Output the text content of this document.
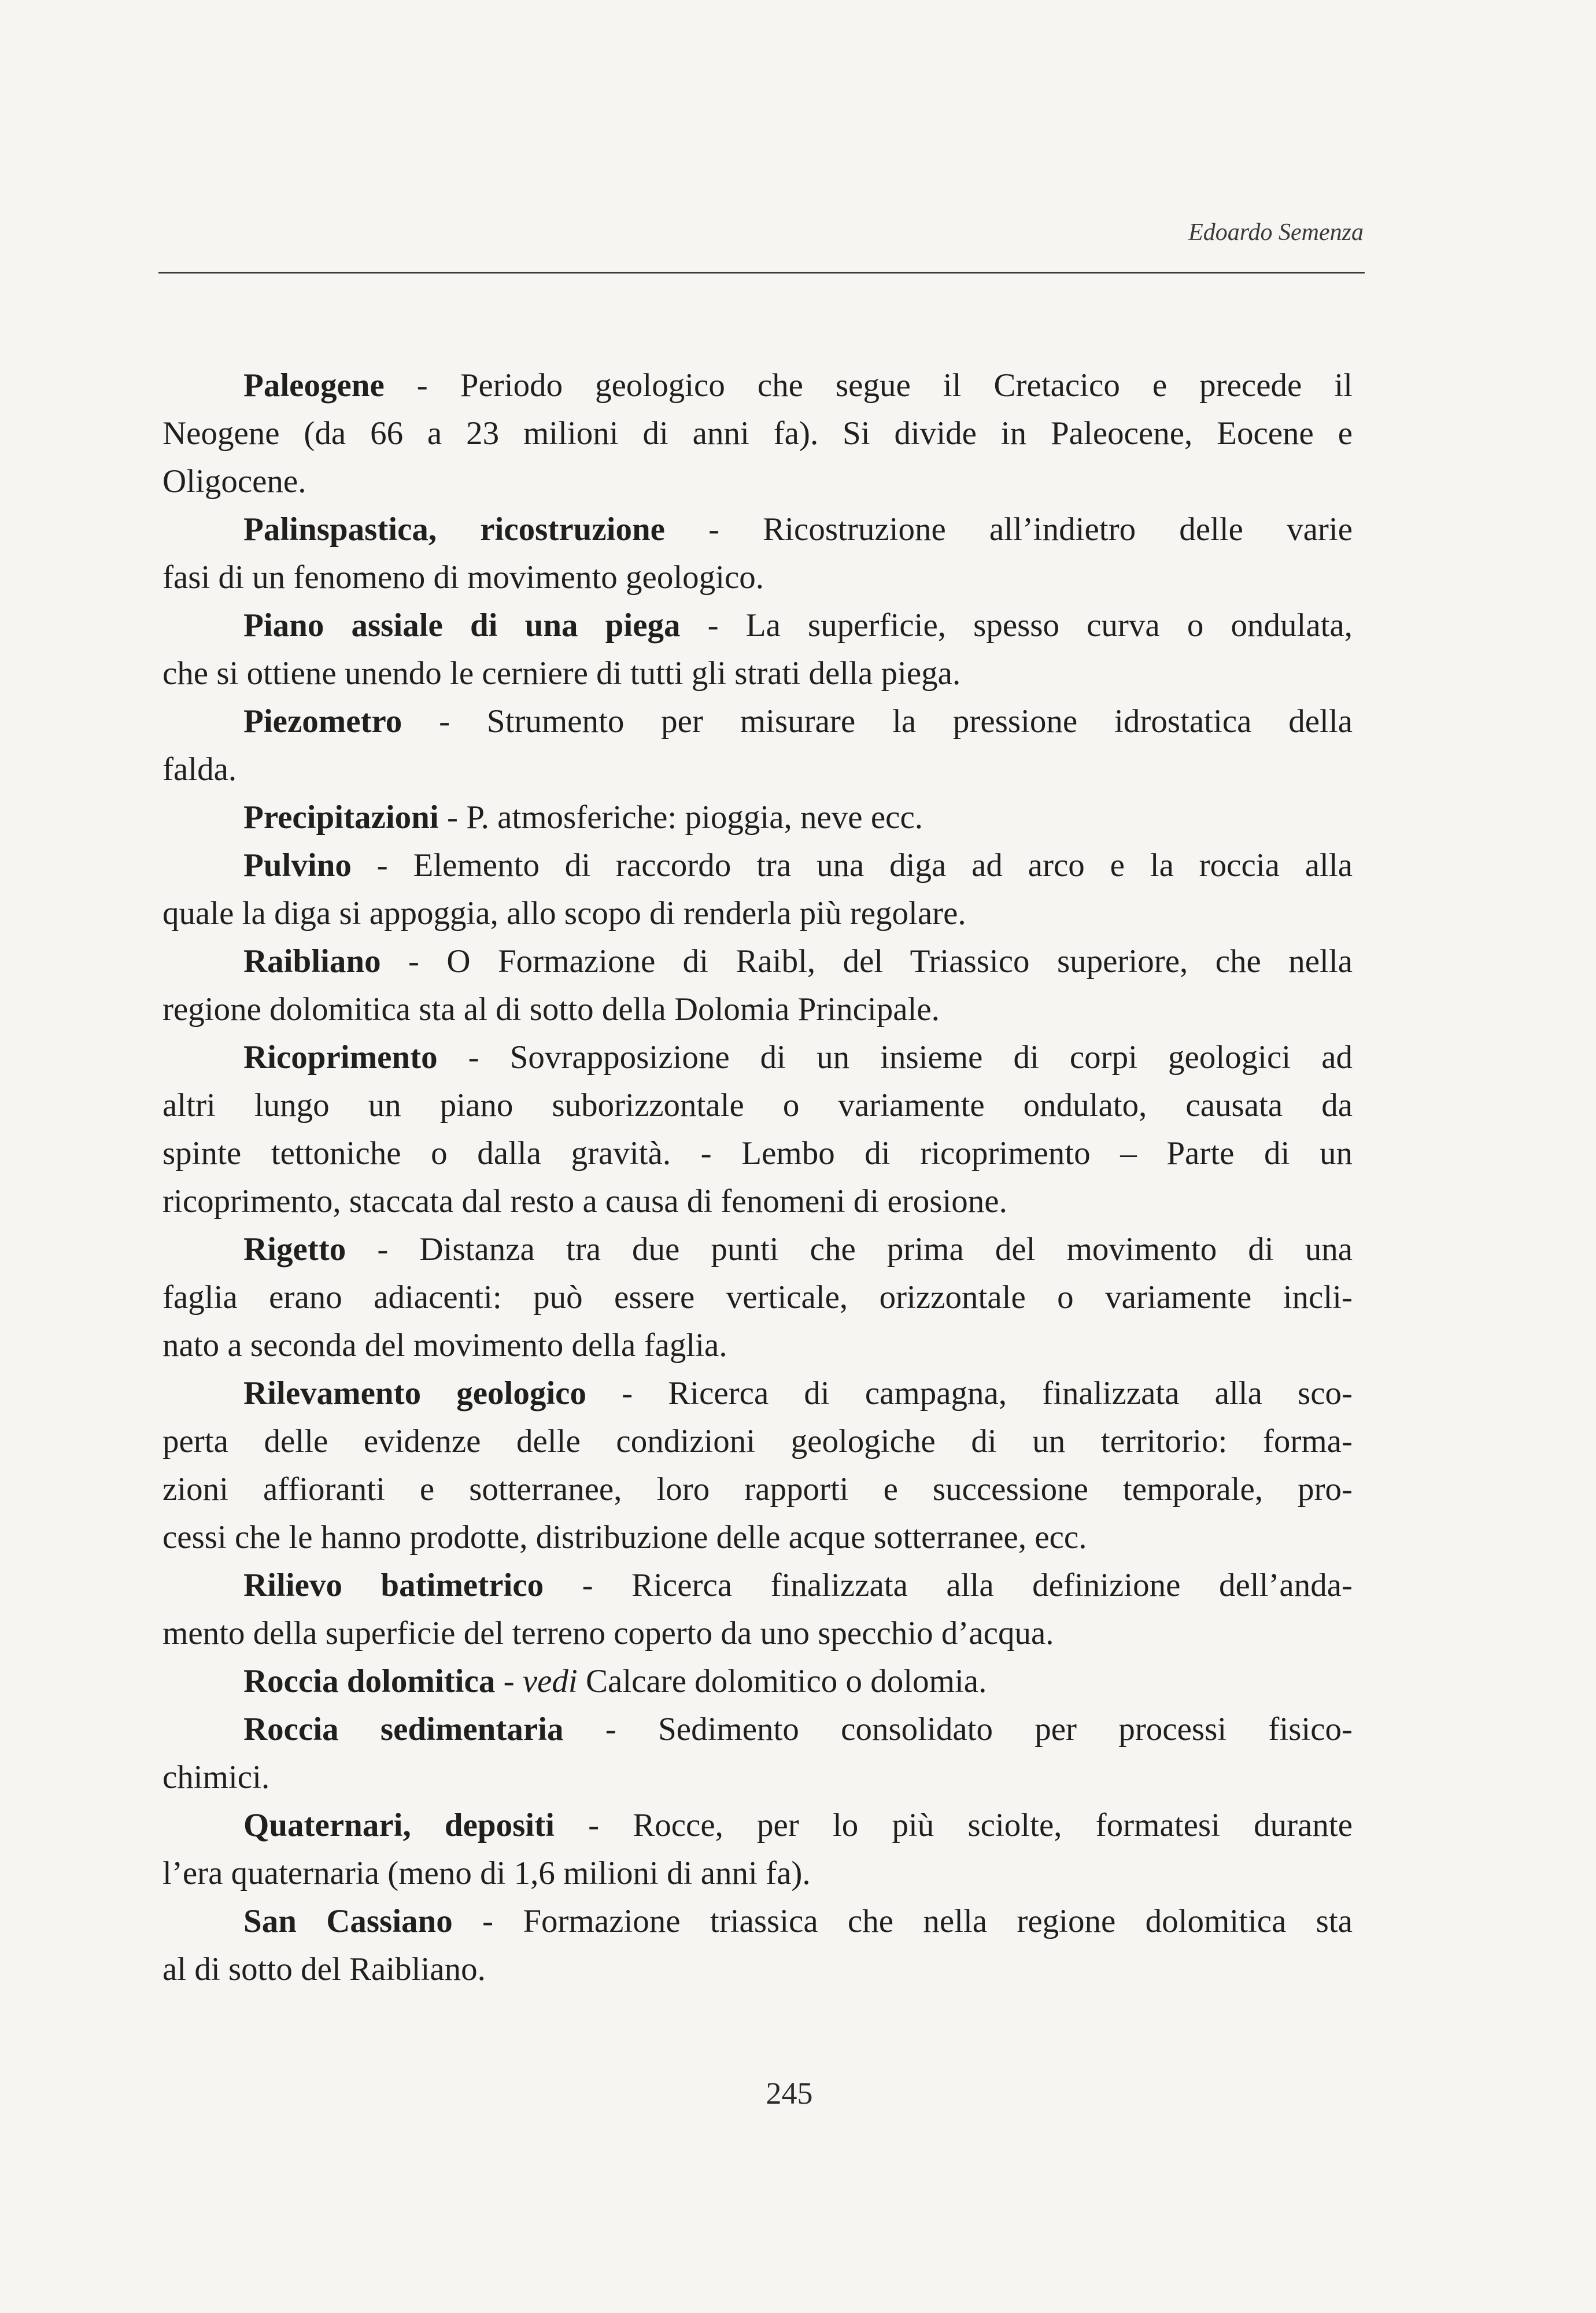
Edoardo Semenza
Paleogene - Periodo geologico che segue il Cretacico e precede il
Neogene (da 66 a 23 milioni di anni fa). Si divide in Paleocene, Eocene e
Oligocene.
Palinspastica, ricostruzione - Ricostruzione all’indietro delle varie
fasi di un fenomeno di movimento geologico.
Piano assiale di una piega - La superficie, spesso curva o ondulata,
che si ottiene unendo le cerniere di tutti gli strati della piega.
Piezometro - Strumento per misurare la pressione idrostatica della
falda.
Precipitazioni - P. atmosferiche: pioggia, neve ecc.
Pulvino - Elemento di raccordo tra una diga ad arco e la roccia alla
quale la diga si appoggia, allo scopo di renderla più regolare.
Raibliano - O Formazione di Raibl, del Triassico superiore, che nella
regione dolomitica sta al di sotto della Dolomia Principale.
Ricoprimento - Sovrapposizione di un insieme di corpi geologici ad
altri lungo un piano suborizzontale o variamente ondulato, causata da
spinte tettoniche o dalla gravità. - Lembo di ricoprimento – Parte di un
ricoprimento, staccata dal resto a causa di fenomeni di erosione.
Rigetto - Distanza tra due punti che prima del movimento di una
faglia erano adiacenti: può essere verticale, orizzontale o variamente incli-
nato a seconda del movimento della faglia.
Rilevamento geologico - Ricerca di campagna, finalizzata alla sco-
perta delle evidenze delle condizioni geologiche di un territorio: forma-
zioni affioranti e sotterranee, loro rapporti e successione temporale, pro-
cessi che le hanno prodotte, distribuzione delle acque sotterranee, ecc.
Rilievo batimetrico - Ricerca finalizzata alla definizione dell’anda-
mento della superficie del terreno coperto da uno specchio d’acqua.
Roccia dolomitica - vedi Calcare dolomitico o dolomia.
Roccia sedimentaria - Sedimento consolidato per processi fisico-
chimici.
Quaternari, depositi - Rocce, per lo più sciolte, formatesi durante
l’era quaternaria (meno di 1,6 milioni di anni fa).
San Cassiano - Formazione triassica che nella regione dolomitica sta
al di sotto del Raibliano.
245
